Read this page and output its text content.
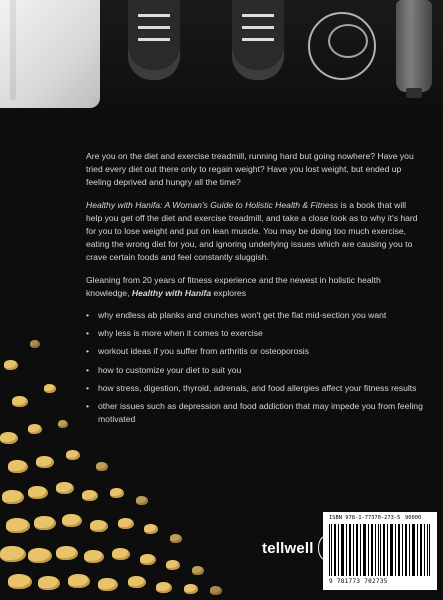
Are you on the diet and exercise treadmill, running hard but going nowhere? Have you tried every diet out there only to regain weight? Have you lost weight, but ended up feeling deprived and hungry all the time?

Healthy with Hanifa: A Woman's Guide to Holistic Health & Fitness is a book that will help you get off the diet and exercise treadmill, and take a close look as to why it's hard for you to lose weight and put on lean muscle. You may be doing too much exercise, eating the wrong diet for you, and ignoring underlying issues which are causing you to crave certain foods and feel constantly sluggish.

Gleaning from 20 years of fitness experience and the newest in holistic health knowledge, Healthy with Hanifa explores

• why endless ab planks and crunches won't get the flat mid-section you want
• why less is more when it comes to exercise
• workout ideas if you suffer from arthritis or osteoporosis
• how to customize your diet to suit you
• how stress, digestion, thyroid, adrenals, and food allergies affect your fitness results
• other issues such as depression and food addiction that may impede you from feeling motivated
tellwell
ISBN 978-1-77370-273-5 90000
9 781773 702735
